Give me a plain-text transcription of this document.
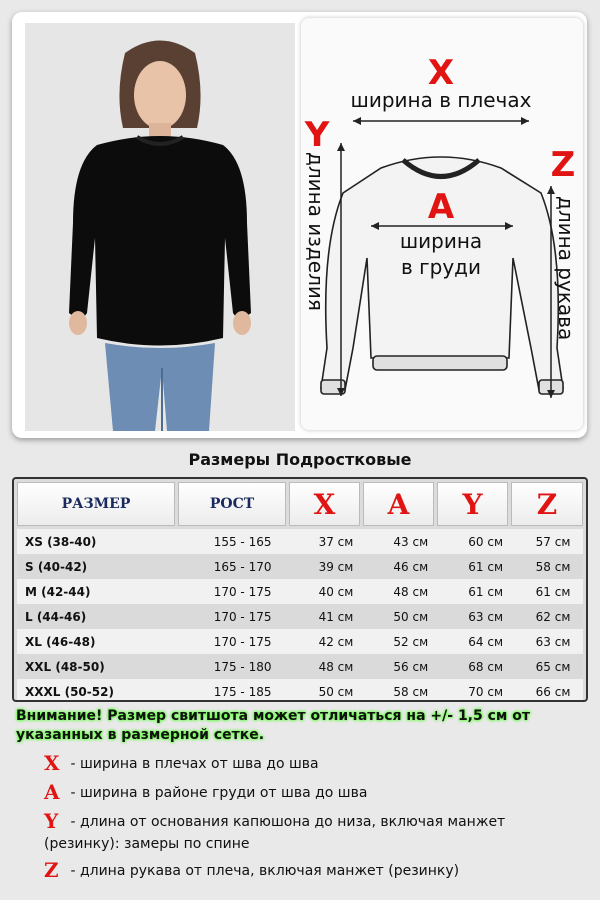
X
ширина в плечах
Y
длина изделия	Z
длина рукава
A
ширина
в груди
Размеры Подростковые
РАЗМЕР	РОСТ X A Y Z
XS (38-40)	155 - 165	37 см	43 см	60 см	57 см
S (40-42)	165 - 170	39 см	46 см	61 см	58 см
M (42-44)	170 - 175	40 см	48 см	61 см	61 см
L (44-46)	170 - 175	41 см	50 см	63 см	62 см
XL (46-48)	170 - 175	42 см	52 см	64 см	63 см
XXL (48-50)	175 - 180	48 см	56 см	68 см	65 см
XXXL (50-52)	175 - 185	50 см	58 см	70 см	66 см
Внимание! Размер свитшота может отличаться на +/- 1,5 см от указанных в размерной сетке.
X - ширина в плечах от шва до шва
A - ширина в районе груди от шва до шва
Y - длина от основания капюшона до низа, включая манжет (резинку): замеры по спине
Z - длина рукава от плеча, включая манжет (резинку)
